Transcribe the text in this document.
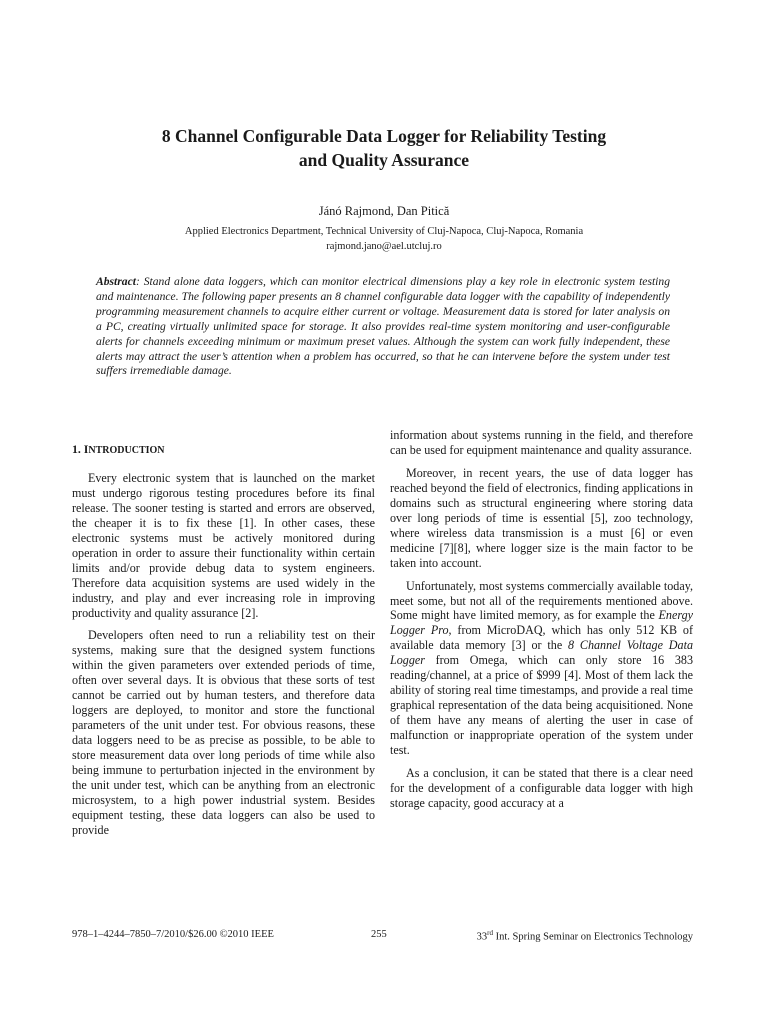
8 Channel Configurable Data Logger for Reliability Testing
and Quality Assurance
Jánó Rajmond, Dan Pitică
Applied Electronics Department, Technical University of Cluj-Napoca, Cluj-Napoca, Romania
rajmond.jano@ael.utcluj.ro
Abstract: Stand alone data loggers, which can monitor electrical dimensions play a key role in electronic system testing and maintenance. The following paper presents an 8 channel configurable data logger with the capability of independently programming measurement channels to acquire either current or voltage. Measurement data is stored for later analysis on a PC, creating virtually unlimited space for storage. It also provides real-time system monitoring and user-configurable alerts for channels exceeding minimum or maximum preset values. Although the system can work fully independent, these alerts may attract the user’s attention when a problem has occurred, so that he can intervene before the system under test suffers irremediable damage.
1. INTRODUCTION

Every electronic system that is launched on the market must undergo rigorous testing procedures before its final release. The sooner testing is started and errors are observed, the cheaper it is to fix these [1]. In other cases, these electronic systems must be actively monitored during operation in order to assure their functionality within certain limits and/or provide debug data to system engineers. Therefore data acquisition systems are used widely in the industry, and play and ever increasing role in improving productivity and quality assurance [2].

Developers often need to run a reliability test on their systems, making sure that the designed system functions within the given parameters over extended periods of time, often over several days. It is obvious that these sorts of test cannot be carried out by human testers, and therefore data loggers are deployed, to monitor and store the functional parameters of the unit under test. For obvious reasons, these data loggers need to be as precise as possible, to be able to store measurement data over long periods of time while also being immune to perturbation injected in the environment by the unit under test, which can be anything from an electronic microsystem, to a high power industrial system. Besides equipment testing, these data loggers can also be used to provide

information about systems running in the field, and therefore can be used for equipment maintenance and quality assurance.

Moreover, in recent years, the use of data logger has reached beyond the field of electronics, finding applications in domains such as structural engineering where storing data over long periods of time is essential [5], zoo technology, where wireless data transmission is a must [6] or even medicine [7][8], where logger size is the main factor to be taken into account.

Unfortunately, most systems commercially available today, meet some, but not all of the requirements mentioned above. Some might have limited memory, as for example the Energy Logger Pro, from MicroDAQ, which has only 512 KB of available data memory [3] or the 8 Channel Voltage Data Logger from Omega, which can only store 16 383 reading/channel, at a price of $999 [4]. Most of them lack the ability of storing real time timestamps, and provide a real time graphical representation of the data being acquisitioned. None of them have any means of alerting the user in case of malfunction or inappropriate operation of the system under test.

As a conclusion, it can be stated that there is a clear need for the development of a configurable data logger with high storage capacity, good accuracy at a

978–1–4244–7850–7/2010/$26.00 ©2010 IEEE	255	33rd Int. Spring Seminar on Electronics Technology
